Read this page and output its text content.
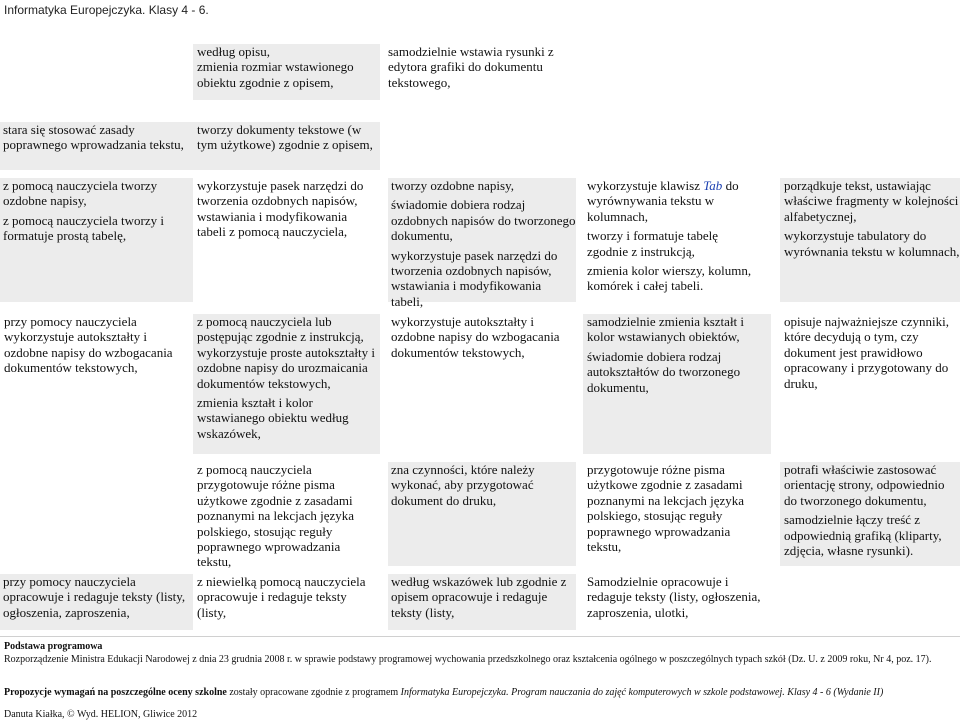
Informatyka Europejczyka. Klasy 4 - 6.
według opisu,
zmienia rozmiar wstawionego obiektu zgodnie z opisem,
samodzielnie wstawia rysunki z edytora grafiki do dokumentu tekstowego,
stara się stosować zasady poprawnego wprowadzania tekstu,
tworzy dokumenty tekstowe (w tym użytkowe) zgodnie z opisem,

z pomocą nauczyciela tworzy ozdobne napisy,

z pomocą nauczyciela tworzy i formatuje prostą tabelę,

wykorzystuje pasek narzędzi do tworzenia ozdobnych napisów, wstawiania i modyfikowania tabeli z pomocą nauczyciela,

tworzy ozdobne napisy,

świadomie dobiera rodzaj ozdobnych napisów do tworzonego dokumentu,

wykorzystuje pasek narzędzi do tworzenia ozdobnych napisów, wstawiania i modyfikowania tabeli,

wykorzystuje klawisz Tab do wyrównywania tekstu w kolumnach,

tworzy i formatuje tabelę zgodnie z instrukcją,

zmienia kolor wierszy, kolumn, komórek i całej tabeli.

porządkuje tekst, ustawiając właściwe fragmenty w kolejności alfabetycznej,

wykorzystuje tabulatory do wyrównania tekstu w kolumnach,

przy pomocy nauczyciela wykorzystuje autokształty i ozdobne napisy do wzbogacania dokumentów tekstowych,

z pomocą nauczyciela lub postępując zgodnie z instrukcją, wykorzystuje proste autokształty i ozdobne napisy do urozmaicania dokumentów tekstowych,

zmienia kształt i kolor wstawianego obiektu według wskazówek,

wykorzystuje autokształty i ozdobne napisy do wzbogacania dokumentów tekstowych,

samodzielnie zmienia kształt i kolor wstawianych obiektów,

świadomie dobiera rodzaj autokształtów do tworzonego dokumentu,

opisuje najważniejsze czynniki, które decydują o tym, czy dokument jest prawidłowo opracowany i przygotowany do druku,

z pomocą nauczyciela przygotowuje różne pisma użytkowe zgodnie z zasadami poznanymi na lekcjach języka polskiego, stosując reguły poprawnego wprowadzania tekstu,

zna czynności, które należy wykonać, aby przygotować dokument do druku,

przygotowuje różne pisma użytkowe zgodnie z zasadami poznanymi na lekcjach języka polskiego, stosując reguły poprawnego wprowadzania tekstu,

potrafi właściwie zastosować orientację strony, odpowiednio do tworzonego dokumentu,

samodzielnie łączy treść z odpowiednią grafiką (kliparty, zdjęcia, własne rysunki).

przy pomocy nauczyciela opracowuje i redaguje teksty (listy, ogłoszenia, zaproszenia,
z niewielką pomocą nauczyciela opracowuje i redaguje teksty (listy,
według wskazówek lub zgodnie z opisem opracowuje i redaguje teksty (listy,
Samodzielnie opracowuje i redaguje teksty (listy, ogłoszenia, zaproszenia, ulotki,
Podstawa programowa
Rozporządzenie Ministra Edukacji Narodowej z dnia 23 grudnia 2008 r. w sprawie podstawy programowej wychowania przedszkolnego oraz kształcenia ogólnego w poszczególnych typach szkół (Dz. U. z 2009 roku, Nr 4, poz. 17).
Propozycje wymagań na poszczególne oceny szkolne zostały opracowane zgodnie z programem Informatyka Europejczyka. Program nauczania do zajęć komputerowych w szkole podstawowej. Klasy 4 - 6 (Wydanie II)
Danuta Kiałka, © Wyd. HELION, Gliwice 2012
